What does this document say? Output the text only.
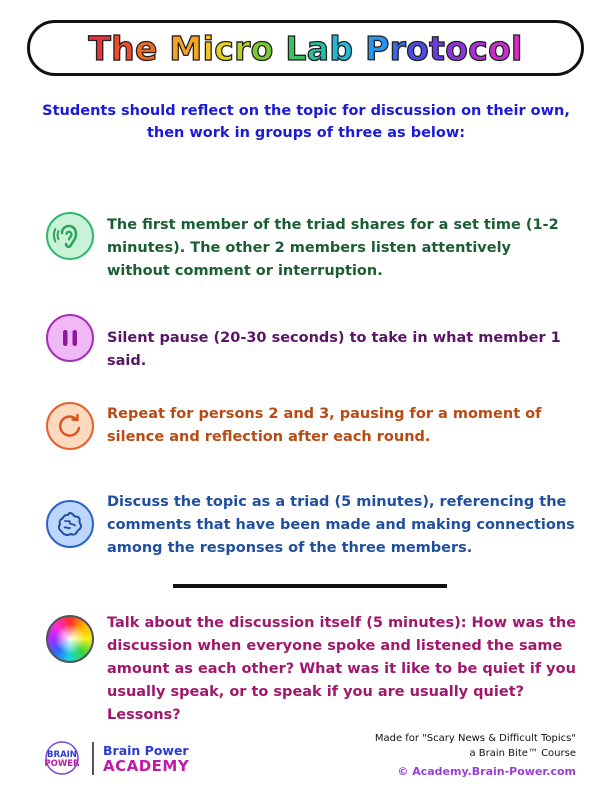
The Micro Lab Protocol
Students should reflect on the topic for discussion on their own, then work in groups of three as below:
The first member of the triad shares for a set time (1-2 minutes). The other 2 members listen attentively without comment or interruption.
Silent pause (20-30 seconds) to take in what member 1 said.
Repeat for persons 2 and 3, pausing for a moment of silence and reflection after each round.
Discuss the topic as a triad (5 minutes), referencing the comments that have been made and making connections among the responses of the three members.
Talk about the discussion itself (5 minutes): How was the discussion when everyone spoke and listened the same amount as each other? What was it like to be quiet if you usually speak, or to speak if you are usually quiet? Lessons?
BRAIN
POWER
Brain Power
ACADEMY
Made for "Scary News & Difficult Topics"
a Brain Bite™ Course
© Academy.Brain-Power.com
